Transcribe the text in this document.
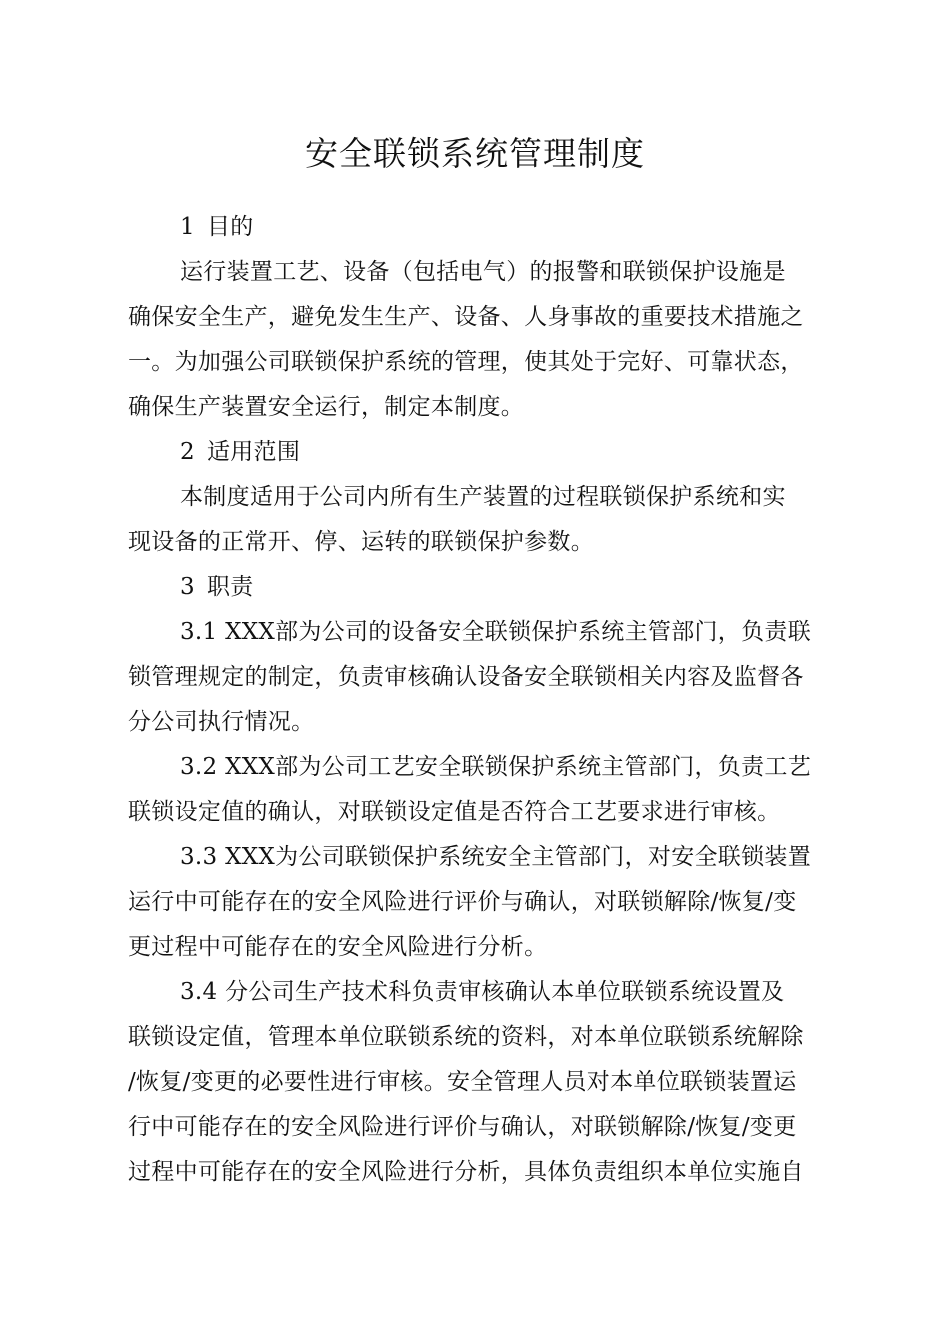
安全联锁系统管理制度
1 目的
运行装置工艺、设备（包括电气）的报警和联锁保护设施是
确保安全生产，避免发生生产、设备、人身事故的重要技术措施之
一。为加强公司联锁保护系统的管理，使其处于完好、可靠状态，
确保生产装置安全运行，制定本制度。
2 适用范围
本制度适用于公司内所有生产装置的过程联锁保护系统和实
现设备的正常开、停、运转的联锁保护参数。
3 职责
3.1 XXX部为公司的设备安全联锁保护系统主管部门，负责联
锁管理规定的制定，负责审核确认设备安全联锁相关内容及监督各
分公司执行情况。
3.2 XXX部为公司工艺安全联锁保护系统主管部门，负责工艺
联锁设定值的确认，对联锁设定值是否符合工艺要求进行审核。
3.3 XXX为公司联锁保护系统安全主管部门，对安全联锁装置
运行中可能存在的安全风险进行评价与确认，对联锁解除/恢复/变
更过程中可能存在的安全风险进行分析。
3.4 分公司生产技术科负责审核确认本单位联锁系统设置及
联锁设定值，管理本单位联锁系统的资料，对本单位联锁系统解除
/恢复/变更的必要性进行审核。安全管理人员对本单位联锁装置运
行中可能存在的安全风险进行评价与确认，对联锁解除/恢复/变更
过程中可能存在的安全风险进行分析，具体负责组织本单位实施自
